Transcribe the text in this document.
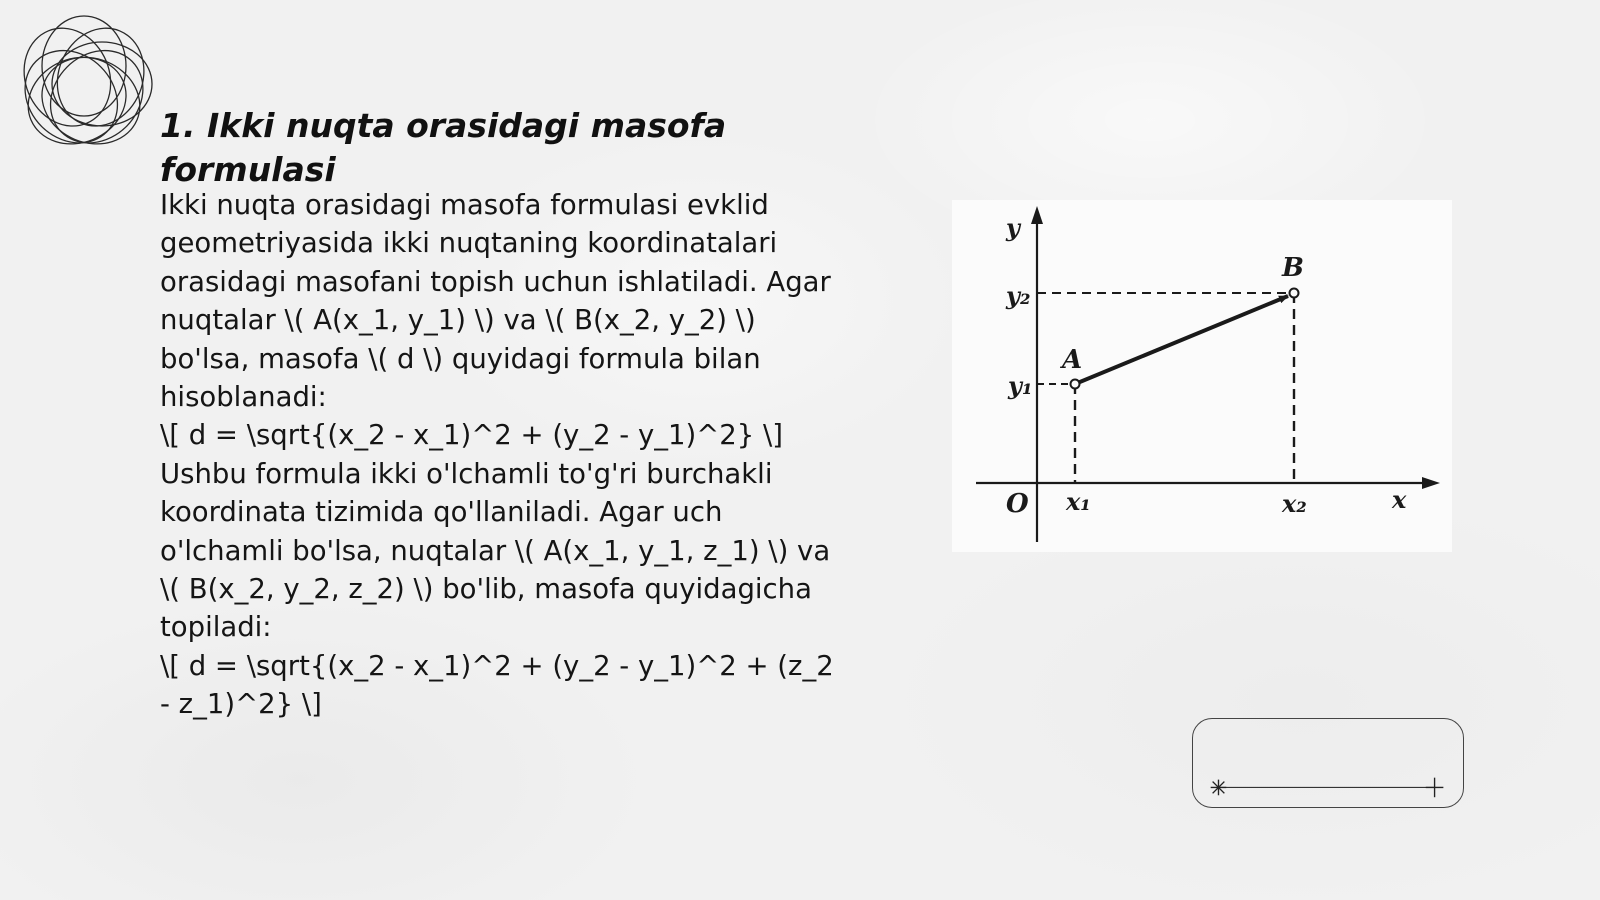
1. Ikki nuqta orasidagi masofa formulasi
Ikki nuqta orasidagi masofa formulasi evklid geometriyasida ikki nuqtaning koordinatalari orasidagi masofani topish uchun ishlatiladi. Agar nuqtalar \( A(x_1, y_1) \) va \( B(x_2, y_2) \) bo'lsa, masofa \( d \) quyidagi formula bilan hisoblanadi:
\[ d = \sqrt{(x_2 - x_1)^2 + (y_2 - y_1)^2} \]
Ushbu formula ikki o'lchamli to'g'ri burchakli koordinata tizimida qo'llaniladi. Agar uch o'lchamli bo'lsa, nuqtalar \( A(x_1, y_1, z_1) \) va \( B(x_2, y_2, z_2) \) bo'lib, masofa quyidagicha topiladi:
\[ d = \sqrt{(x_2 - x_1)^2 + (y_2 - y_1)^2 + (z_2 - z_1)^2} \]
y
x
O
A
B
y₂
y₁
x₁	x₂
